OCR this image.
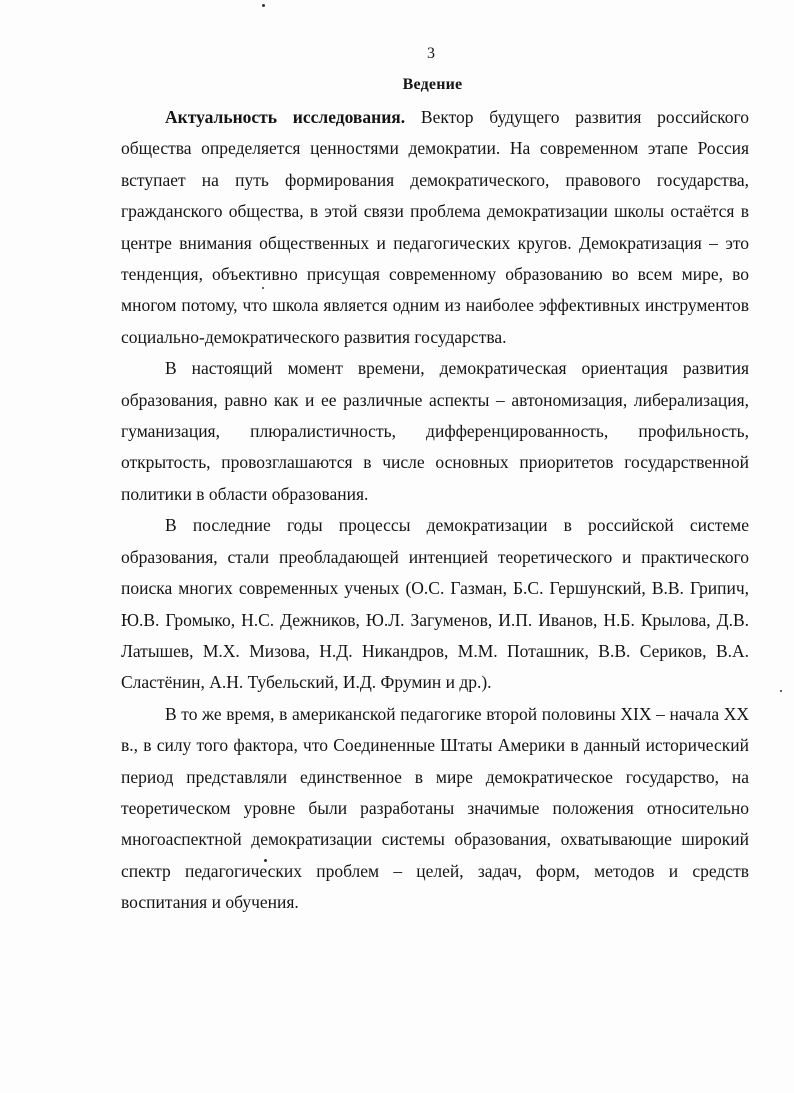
3
Ведение

Актуальность исследования. Вектор будущего развития российского общества определяется ценностями демократии. На современном этапе Россия вступает на путь формирования демократического, правового государства, гражданского общества, в этой связи проблема демократизации школы остаётся в центре внимания общественных и педагогических кругов. Демократизация – это тенденция, объективно присущая современному образованию во всем мире, во многом потому, что школа является одним из наиболее эффективных инструментов социально-демократического развития государства.

В настоящий момент времени, демократическая ориентация развития образования, равно как и ее различные аспекты – автономизация, либерализация, гуманизация, плюралистичность, дифференцированность, профильность, открытость, провозглашаются в числе основных приоритетов государственной политики в области образования.

В последние годы процессы демократизации в российской системе образования, стали преобладающей интенцией теоретического и практического поиска многих современных ученых (О.С. Газман, Б.С. Гершунский, В.В. Грипич, Ю.В. Громыко, Н.С. Дежников, Ю.Л. Загуменов, И.П. Иванов, Н.Б. Крылова, Д.В. Латышев, М.Х. Мизова, Н.Д. Никандров, М.М. Поташник, В.В. Сериков, В.А. Сластёнин, А.Н. Тубельский, И.Д. Фрумин и др.).

В то же время, в американской педагогике второй половины XIX – начала XX в., в силу того фактора, что Соединенные Штаты Америки в данный исторический период представляли единственное в мире демократическое государство, на теоретическом уровне были разработаны значимые положения относительно многоаспектной демократизации системы образования, охватывающие широкий спектр педагогических проблем – целей, задач, форм, методов и средств воспитания и обучения.
